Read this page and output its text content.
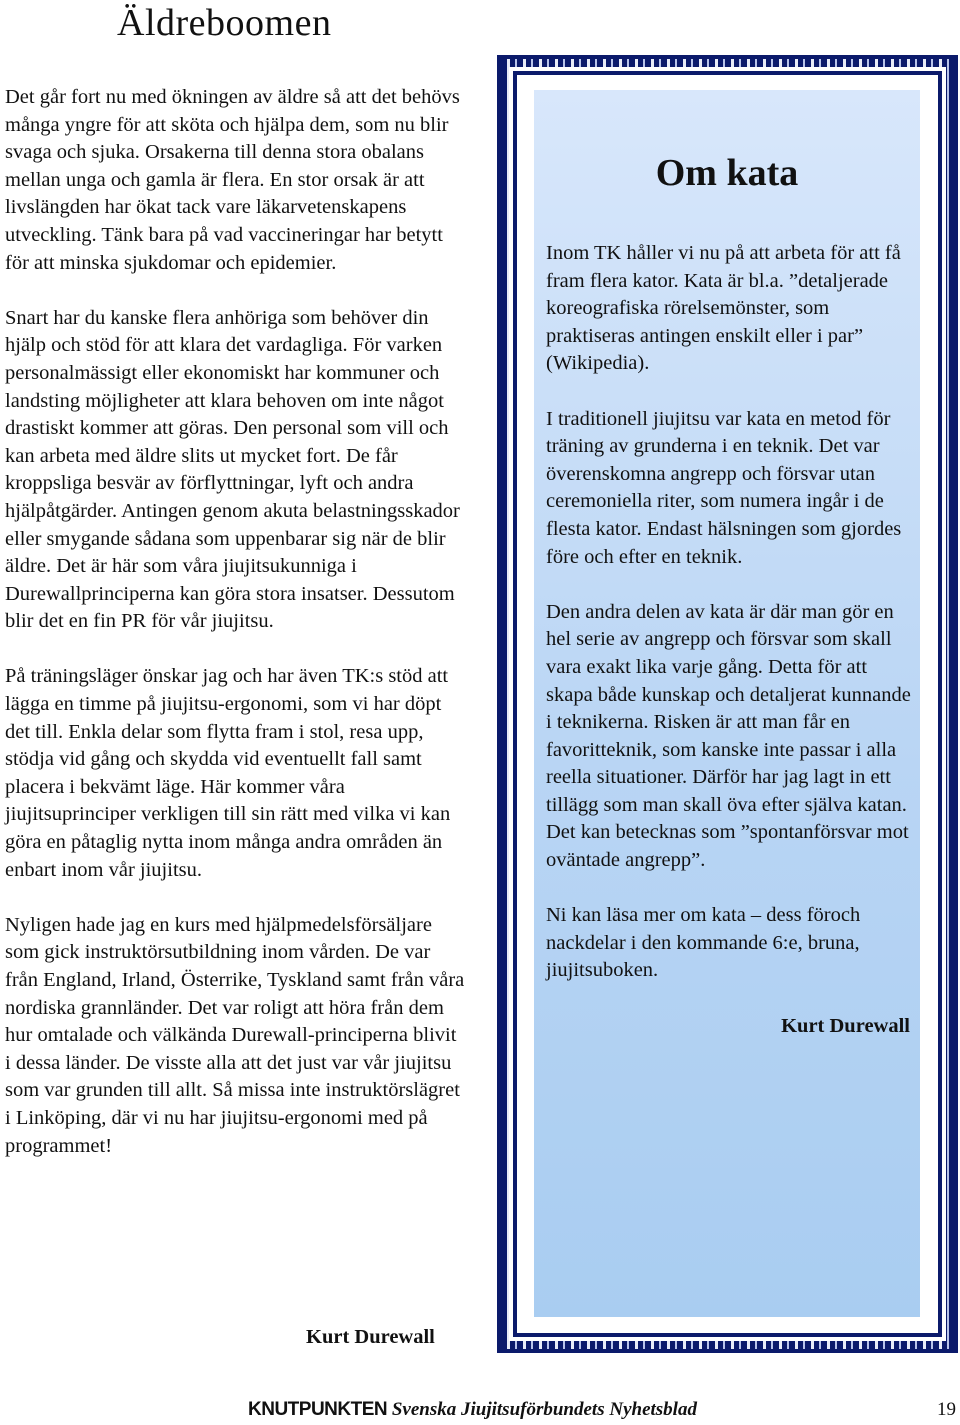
Äldreboomen

Det går fort nu med ökningen av äldre så att det behövs många yngre för att sköta och hjälpa dem, som nu blir svaga och sjuka. Orsakerna till denna stora obalans mellan unga och gamla är flera. En stor orsak är att livslängden har ökat tack vare läkarvetenskapens utveckling. Tänk bara på vad vaccineringar har betytt för att minska sjukdomar och epidemier.

Snart har du kanske flera anhöriga som behöver din hjälp och stöd för att klara det vardagliga. För varken personalmässigt eller ekonomiskt har kommuner och landsting möjligheter att klara behoven om inte något drastiskt kommer att göras. Den personal som vill och kan arbeta med äldre slits ut mycket fort. De får kroppsliga besvär av förflyttningar, lyft och andra hjälpåtgärder. Antingen genom akuta belastningsskador eller smygande sådana som uppenbarar sig när de blir äldre. Det är här som våra jiujitsukunniga i Durewallprinciperna kan göra stora insatser. Dessutom blir det en fin PR för vår jiujitsu.

På träningsläger önskar jag och har även TK:s stöd att lägga en timme på jiujitsu-ergonomi, som vi har döpt det till. Enkla delar som flytta fram i stol, resa upp, stödja vid gång och skydda vid eventuellt fall samt placera i bekvämt läge. Här kommer våra jiujitsuprinciper verkligen till sin rätt med vilka vi kan göra en påtaglig nytta inom många andra områden än enbart inom vår jiujitsu.

Nyligen hade jag en kurs med hjälpmedelsförsäljare som gick instruktörsutbildning inom vården. De var från England, Irland, Österrike, Tyskland samt från våra nordiska grannländer. Det var roligt att höra från dem hur omtalade och välkända Durewall-principerna blivit i dessa länder. De visste alla att det just var vår jiujitsu som var grunden till allt. Så missa inte instruktörslägret i Linköping, där vi nu har jiujitsu-ergonomi med på programmet!

Kurt Durewall

Om kata

Inom TK håller vi nu på att arbeta för att få fram flera kator. Kata är bl.a. ”detaljerade koreografiska rörelsemönster, som praktiseras antingen enskilt eller i par” (Wikipedia).

I traditionell jiujitsu var kata en metod för träning av grunderna i en teknik. Det var överenskomna angrepp och försvar utan ceremoniella riter, som numera ingår i de flesta kator. Endast hälsningen som gjordes före och efter en teknik.

Den andra delen av kata är där man gör en hel serie av angrepp och försvar som skall vara exakt lika varje gång. Detta för att skapa både kunskap och detaljerat kunnande i teknikerna. Risken är att man får en favoritteknik, som kanske inte passar i alla reella situationer. Därför har jag lagt in ett tillägg som man skall öva efter själva katan. Det kan betecknas som ”spontanförsvar mot oväntade angrepp”.

Ni kan läsa mer om kata – dess föroch nackdelar i den kommande 6:e, bruna, jiujitsuboken.

Kurt Durewall

KNUTPUNKTEN Svenska Jiujitsuförbundets Nyhetsblad	19
